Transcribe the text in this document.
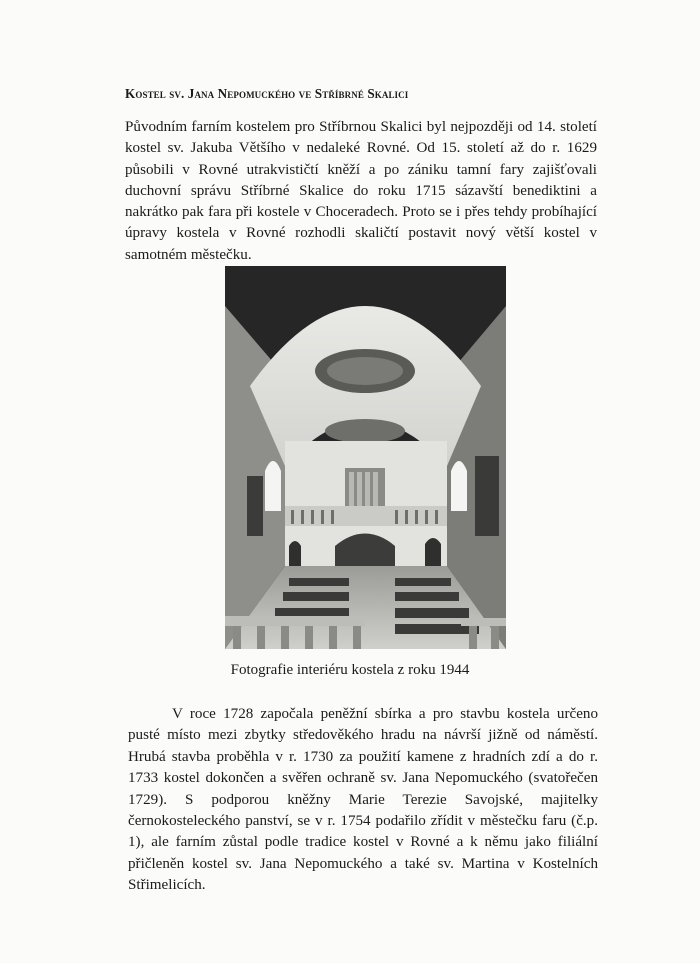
Kostel sv. Jana Nepomuckého ve Stříbrné Skalici

Původním farním kostelem pro Stříbrnou Skalici byl nejpozději od 14. století kostel sv. Jakuba Většího v nedaleké Rovné. Od 15. století až do r. 1629 působili v Rovné utrakvističtí kněží a po zániku tamní fary zajišťovali duchovní správu Stříbrné Skalice do roku 1715 sázavští benediktini a nakrátko pak fara při kostele v Choceradech. Proto se i přes tehdy probíhající úpravy kostela v Rovné rozhodli skaličtí postavit nový větší kostel v samotném městečku.

Fotografie interiéru kostela z roku 1944

V roce 1728 započala peněžní sbírka a pro stavbu kostela určeno pusté místo mezi zbytky středověkého hradu na návrší jižně od náměstí. Hrubá stavba proběhla v r. 1730 za použití kamene z hradních zdí a do r. 1733 kostel dokončen a svěřen ochraně sv. Jana Nepomuckého (svatořečen 1729). S podporou kněžny Marie Terezie Savojské, majitelky černokosteleckého panství, se v r. 1754 podařilo zřídit v městečku faru (č.p. 1), ale farním zůstal podle tradice kostel v Rovné a k němu jako filiální přičleněn kostel sv. Jana Nepomuckého a také sv. Martina v Kostelních Střimelicích.
